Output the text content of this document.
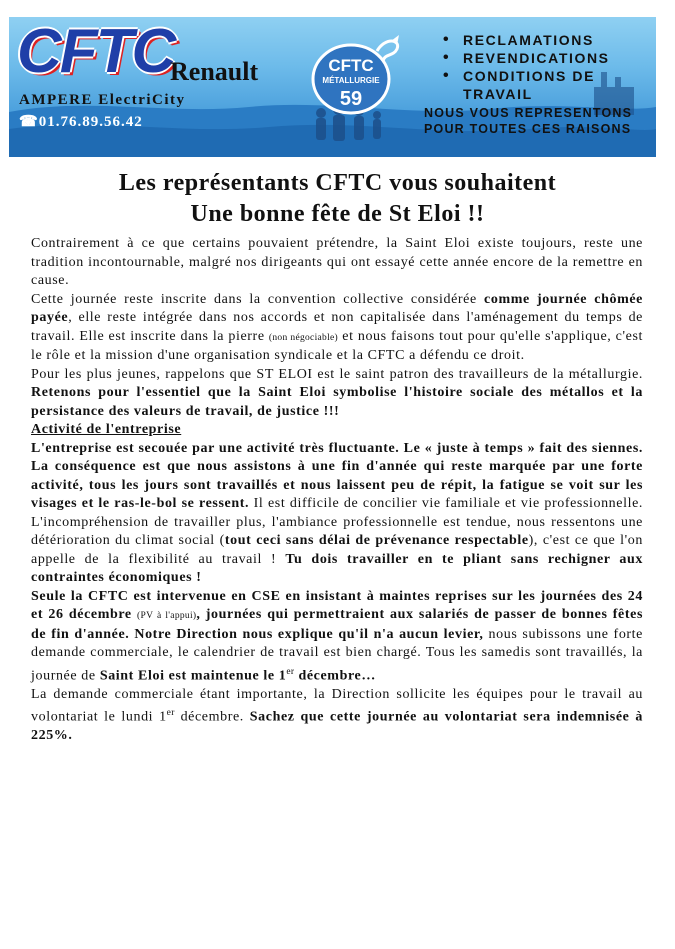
CFTC
Renault
AMPERE ElectriCity
☎01.76.89.56.42
CFTC
MÉTALLURGIE
59
• RECLAMATIONS
• REVENDICATIONS
• CONDITIONS DE TRAVAIL
NOUS VOUS REPRESENTONS POUR TOUTES CES RAISONS
Les représentants CFTC vous souhaitent
Une bonne fête de St Eloi !!

Contrairement à ce que certains pouvaient prétendre, la Saint Eloi existe toujours, reste une tradition incontournable, malgré nos dirigeants qui ont essayé cette année encore de la remettre en cause.

Cette journée reste inscrite dans la convention collective considérée comme journée chômée payée, elle reste intégrée dans nos accords et non capitalisée dans l'aménagement du temps de travail. Elle est inscrite dans la pierre (non négociable) et nous faisons tout pour qu'elle s'applique, c'est le rôle et la mission d'une organisation syndicale et la CFTC a défendu ce droit.

Pour les plus jeunes, rappelons que ST ELOI est le saint patron des travailleurs de la métallurgie. Retenons pour l'essentiel que la Saint Eloi symbolise l'histoire sociale des métallos et la persistance des valeurs de travail, de justice !!!

Activité de l'entreprise

L'entreprise est secouée par une activité très fluctuante. Le « juste à temps » fait des siennes. La conséquence est que nous assistons à une fin d'année qui reste marquée par une forte activité, tous les jours sont travaillés et nous laissent peu de répit, la fatigue se voit sur les visages et le ras-le-bol se ressent. Il est difficile de concilier vie familiale et vie professionnelle. L'incompréhension de travailler plus, l'ambiance professionnelle est tendue, nous ressentons une détérioration du climat social (tout ceci sans délai de prévenance respectable), c'est ce que l'on appelle de la flexibilité au travail ! Tu dois travailler en te pliant sans rechigner aux contraintes économiques !

Seule la CFTC est intervenue en CSE en insistant à maintes reprises sur les journées des 24 et 26 décembre (PV à l'appui), journées qui permettraient aux salariés de passer de bonnes fêtes de fin d'année. Notre Direction nous explique qu'il n'a aucun levier, nous subissons une forte demande commerciale, le calendrier de travail est bien chargé. Tous les samedis sont travaillés, la journée de Saint Eloi est maintenue le 1er décembre…

La demande commerciale étant importante, la Direction sollicite les équipes pour le travail au volontariat le lundi 1er décembre. Sachez que cette journée au volontariat sera indemnisée à 225%.
